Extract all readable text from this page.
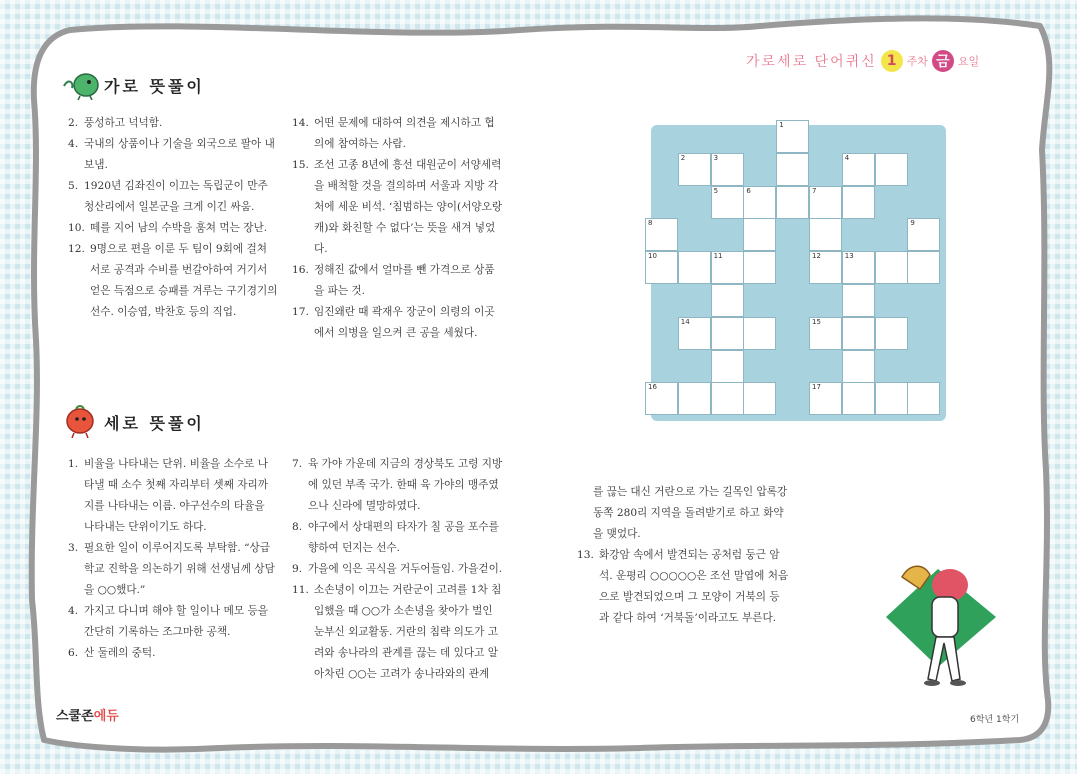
가로세로 단어퀴신 1 주차 금 요일
가로 뜻풀이
2. 풍성하고 넉넉함.
4. 국내의 상품이나 기술을 외국으로 팔아 내보냄.
5. 1920년 김좌진이 이끄는 독립군이 만주 청산리에서 일본군을 크게 이긴 싸움.
10. 떼를 지어 남의 수박을 훔쳐 먹는 장난.
12. 9명으로 편을 이룬 두 팀이 9회에 걸쳐 서로 공격과 수비를 번갈아하여 거기서 얻은 득점으로 승패를 겨루는 구기경기의 선수. 이승엽, 박찬호 등의 직업.
14. 어떤 문제에 대하여 의견을 제시하고 협의에 참여하는 사람.
15. 조선 고종 8년에 흥선 대원군이 서양세력을 배척할 것을 결의하며 서울과 지방 각처에 세운 비석. ‘침범하는 양이(서양오랑캐)와 화친할 수 없다’는 뜻을 새겨 넣었다.
16. 정해진 값에서 얼마를 뺀 가격으로 상품을 파는 것.
17. 임진왜란 때 곽재우 장군이 의령의 이곳에서 의병을 일으켜 큰 공을 세웠다.
세로 뜻풀이
1. 비율을 나타내는 단위. 비율을 소수로 나타낼 때 소수 첫째 자리부터 셋째 자리까지를 나타내는 이름. 야구선수의 타율을 나타내는 단위이기도 하다.
3. 필요한 일이 이루어지도록 부탁함. “상급학교 진학을 의논하기 위해 선생님께 상담을 ○○했다.”
4. 가지고 다니며 해야 할 일이나 메모 등을 간단히 기록하는 조그마한 공책.
6. 산 둘레의 중턱.
7. 육 가야 가운데 지금의 경상북도 고령 지방에 있던 부족 국가. 한때 육 가야의 맹주였으나 신라에 멸망하였다.
8. 야구에서 상대편의 타자가 칠 공을 포수를 향하여 던지는 선수.
9. 가을에 익은 곡식을 거두어들임. 가을걷이.
11. 소손녕이 이끄는 거란군이 고려를 1차 침입했을 때 ○○가 소손녕을 찾아가 벌인 눈부신 외교활동. 거란의 침략 의도가 고려와 송나라의 관계를 끊는 데 있다고 알아차린 ○○는 고려가 송나라와의 관계
를 끊는 대신 거란으로 가는 길목인 압록강 동쪽 280리 지역을 돌려받기로 하고 화약을 맺었다.
13. 화강암 속에서 발견되는 공처럼 둥근 암석. 운평리 ○○○○○은 조선 말엽에 처음으로 발견되었으며 그 모양이 거북의 등과 같다 하여 ‘거북돌’이라고도 부른다.
1
2	3	4
5	6	7
8	9
10	11	12	13
14	15
16	17
스쿨존에듀	6학년 1학기
